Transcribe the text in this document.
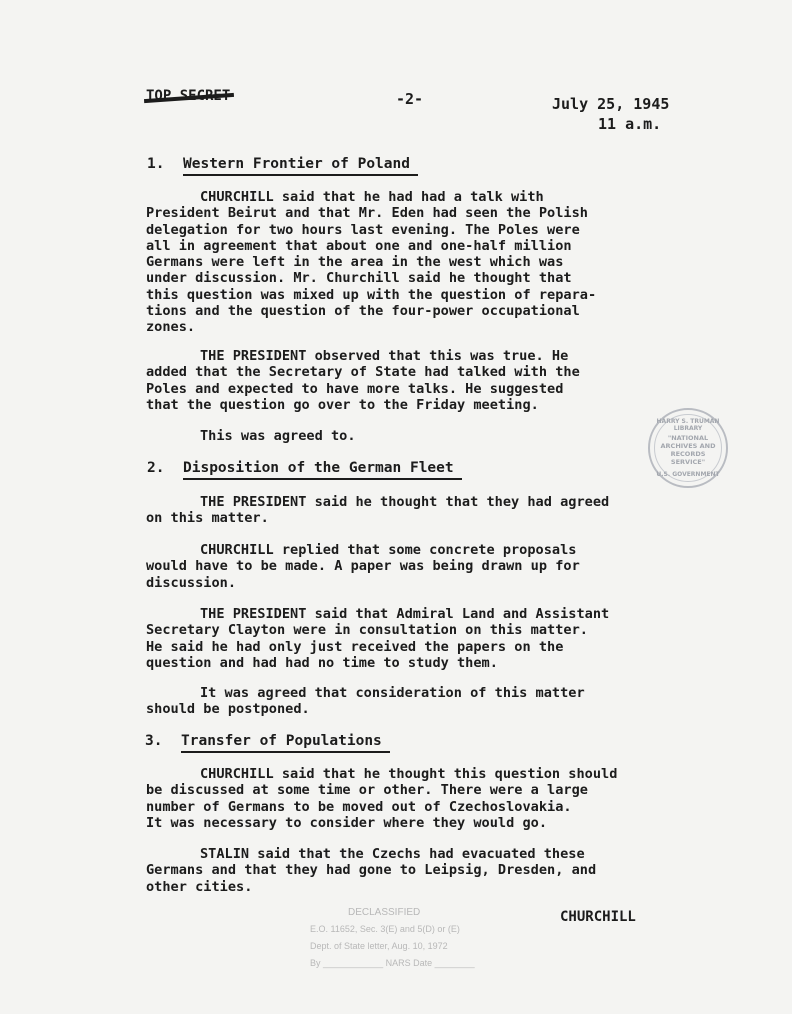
TOP SECRET	-2-	July 25, 1945
11 a.m.
1. Western Frontier of Poland
CHURCHILL said that he had had a talk with
President Beirut and that Mr. Eden had seen the Polish
delegation for two hours last evening. The Poles were
all in agreement that about one and one-half million
Germans were left in the area in the west which was
under discussion. Mr. Churchill said he thought that
this question was mixed up with the question of repara-
tions and the question of the four-power occupational
zones.
THE PRESIDENT observed that this was true. He
added that the Secretary of State had talked with the
Poles and expected to have more talks. He suggested
that the question go over to the Friday meeting.
This was agreed to.
2. Disposition of the German Fleet
THE PRESIDENT said he thought that they had agreed
on this matter.
CHURCHILL replied that some concrete proposals
would have to be made. A paper was being drawn up for
discussion.
THE PRESIDENT said that Admiral Land and Assistant
Secretary Clayton were in consultation on this matter.
He said he had only just received the papers on the
question and had had no time to study them.
It was agreed that consideration of this matter
should be postponed.
3. Transfer of Populations
CHURCHILL said that he thought this question should
be discussed at some time or other. There were a large
number of Germans to be moved out of Czechoslovakia.
It was necessary to consider where they would go.
STALIN said that the Czechs had evacuated these
Germans and that they had gone to Leipsig, Dresden, and
other cities.
HARRY S. TRUMAN LIBRARY
"NATIONAL
ARCHIVES AND
RECORDS
SERVICE"
U.S. GOVERNMENT
DECLASSIFIED
E.O. 11652, Sec. 3(E) and 5(D) or (E)
Dept. of State letter, Aug. 10, 1972
By ____________ NARS Date ________
CHURCHILL
